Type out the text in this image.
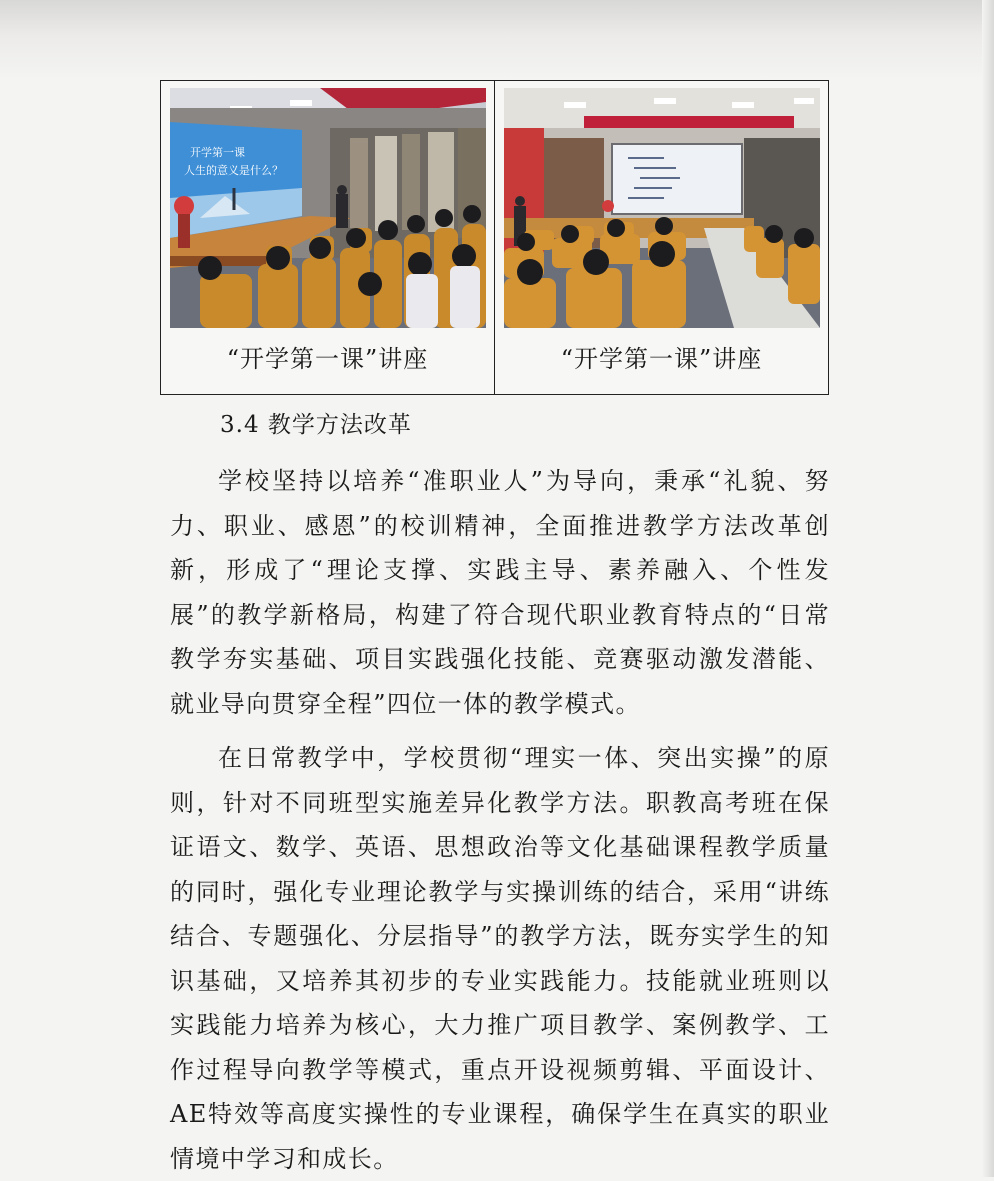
开学第一课
人生的意义是什么？
“开学第一课”讲座	“开学第一课”讲座
3.4 教学方法改革

学校坚持以培养“准职业人”为导向，秉承“礼貌、努力、职业、感恩”的校训精神，全面推进教学方法改革创新，形成了“理论支撑、实践主导、素养融入、个性发展”的教学新格局，构建了符合现代职业教育特点的“日常教学夯实基础、项目实践强化技能、竞赛驱动激发潜能、就业导向贯穿全程”四位一体的教学模式。

在日常教学中，学校贯彻“理实一体、突出实操”的原则，针对不同班型实施差异化教学方法。职教高考班在保证语文、数学、英语、思想政治等文化基础课程教学质量的同时，强化专业理论教学与实操训练的结合，采用“讲练结合、专题强化、分层指导”的教学方法，既夯实学生的知识基础，又培养其初步的专业实践能力。技能就业班则以实践能力培养为核心，大力推广项目教学、案例教学、工作过程导向教学等模式，重点开设视频剪辑、平面设计、AE特效等高度实操性的专业课程，确保学生在真实的职业情境中学习和成长。
